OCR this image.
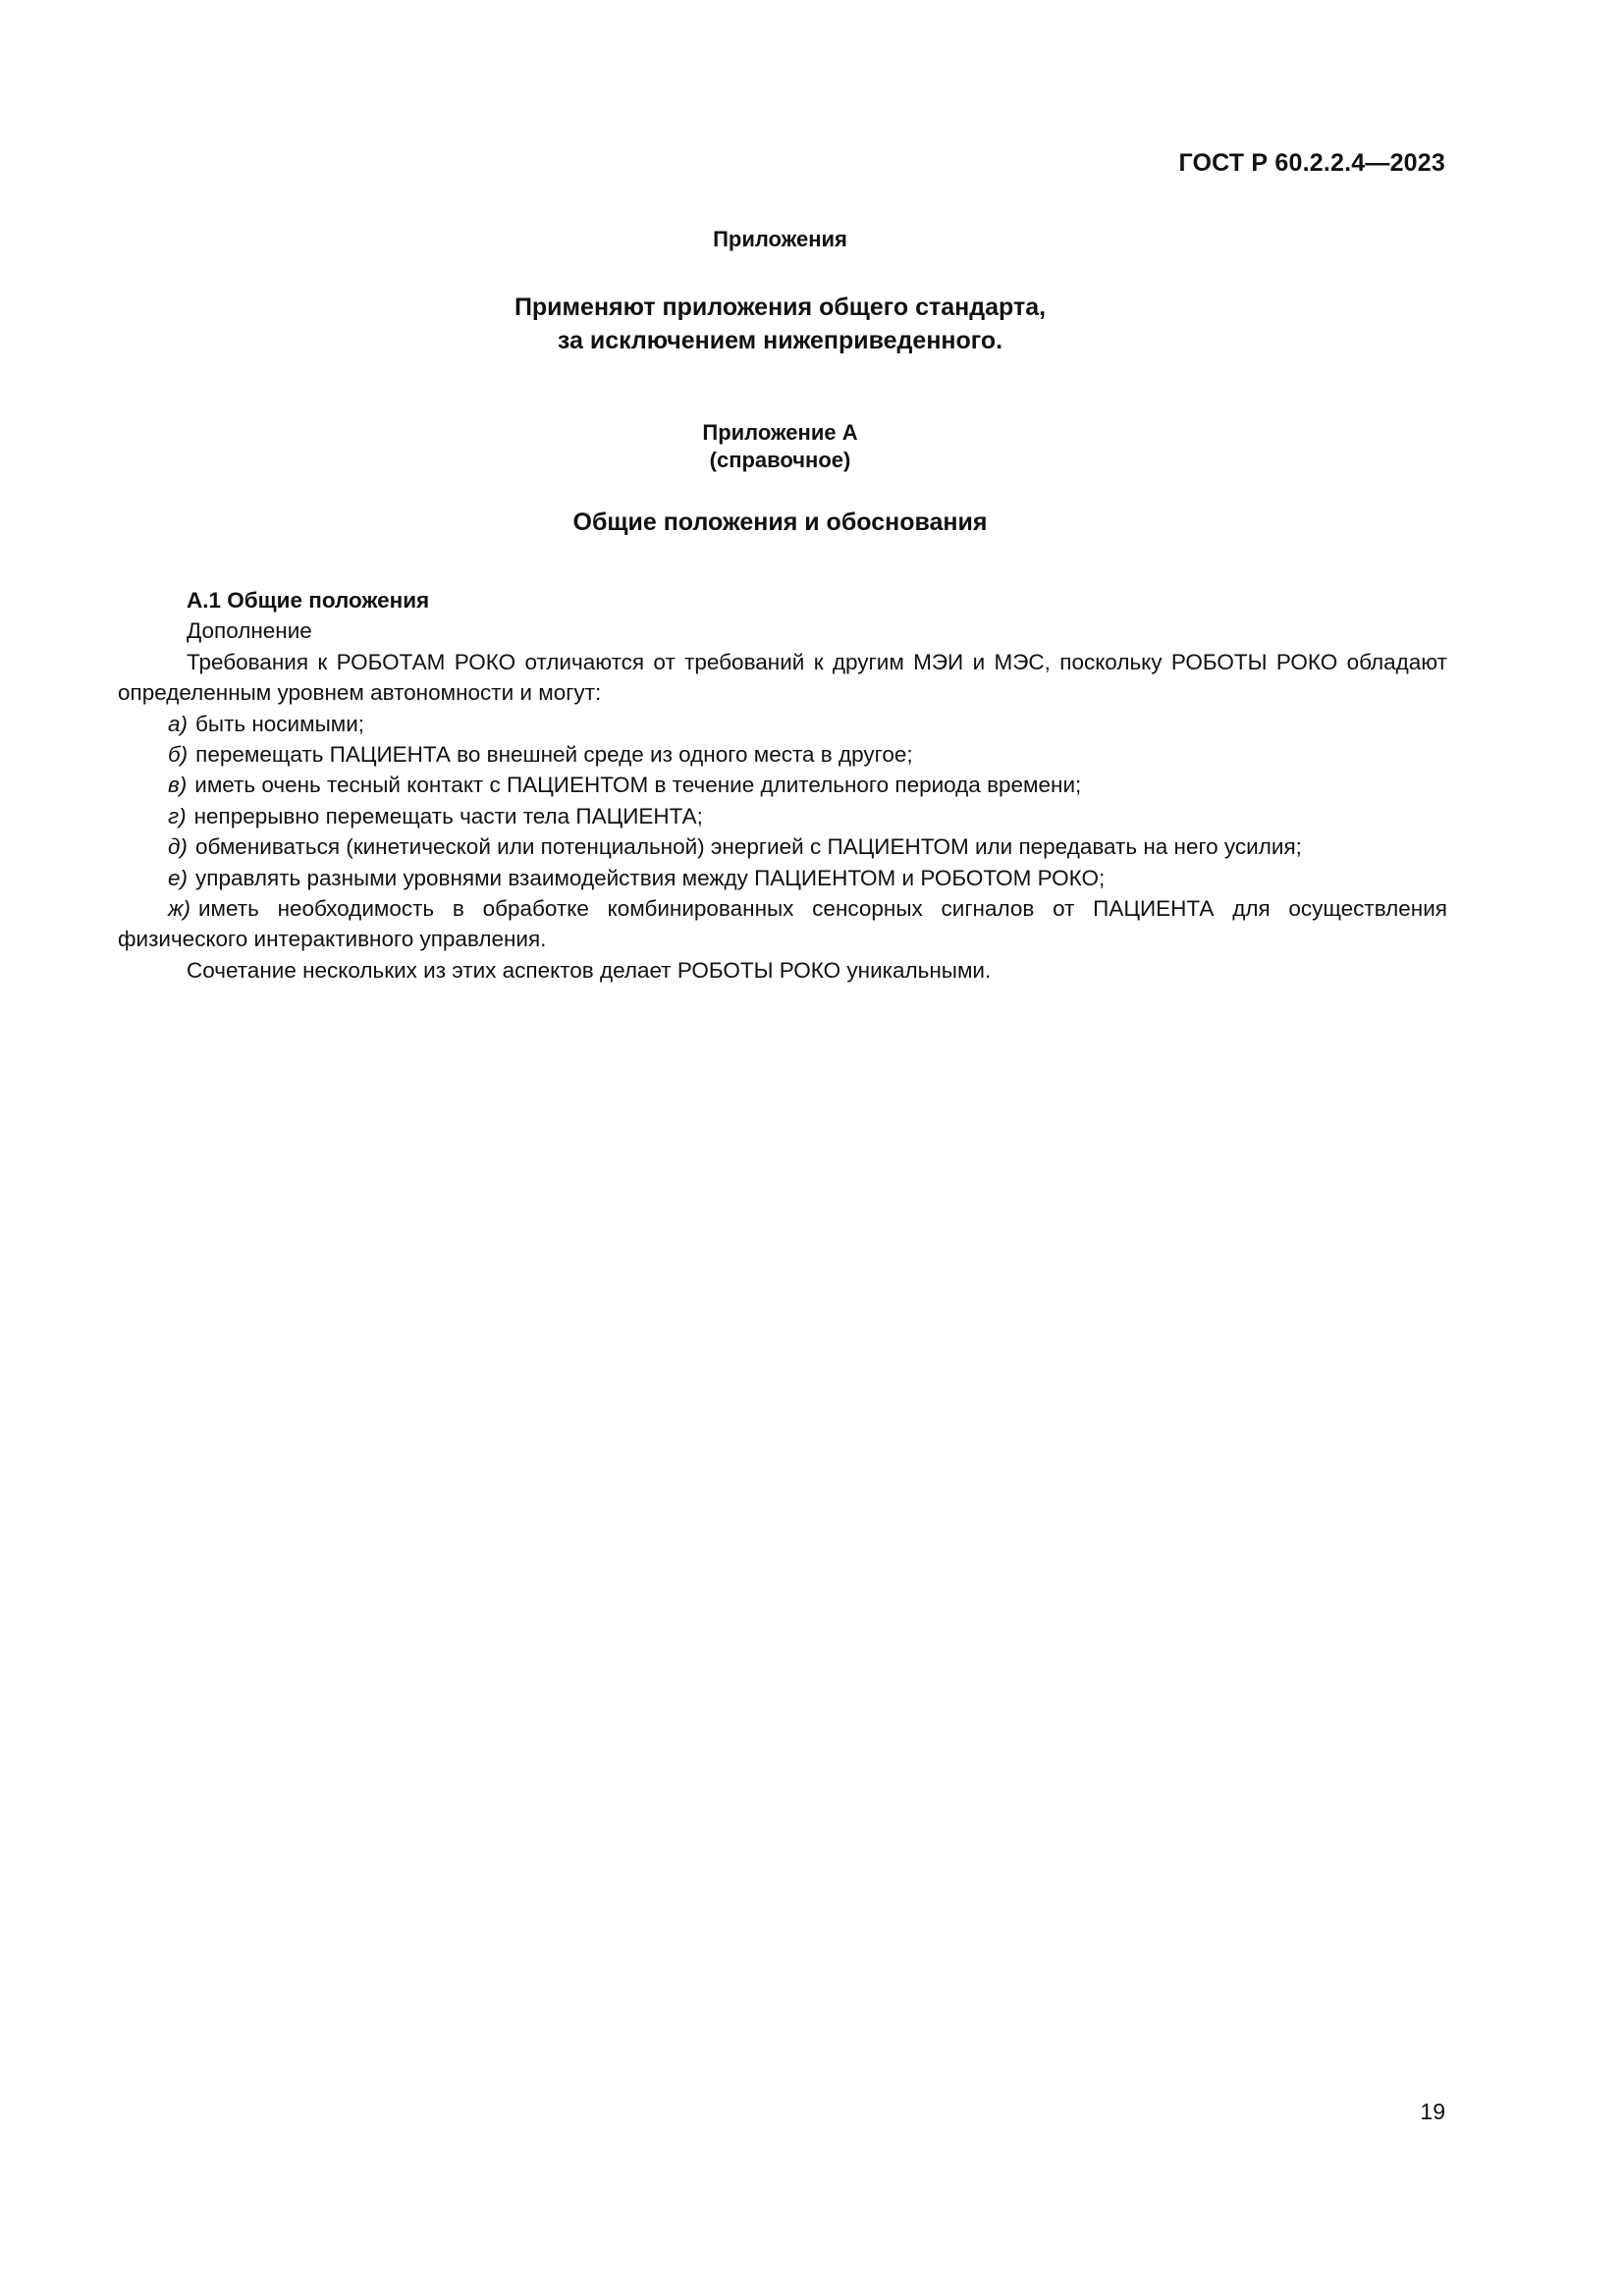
ГОСТ Р 60.2.2.4—2023
Приложения
Применяют приложения общего стандарта,
за исключением нижеприведенного.
Приложение А
(справочное)
Общие положения и обоснования

А.1 Общие положения

Дополнение

Требования к РОБОТАМ РОКО отличаются от требований к другим МЭИ и МЭС, поскольку РОБОТЫ РОКО обладают определенным уровнем автономности и могут:

а) быть носимыми;

б) перемещать ПАЦИЕНТА во внешней среде из одного места в другое;

в) иметь очень тесный контакт с ПАЦИЕНТОМ в течение длительного периода времени;

г) непрерывно перемещать части тела ПАЦИЕНТА;

д) обмениваться (кинетической или потенциальной) энергией с ПАЦИЕНТОМ или передавать на него усилия;

е) управлять разными уровнями взаимодействия между ПАЦИЕНТОМ и РОБОТОМ РОКО;

ж) иметь необходимость в обработке комбинированных сенсорных сигналов от ПАЦИЕНТА для осуществления физического интерактивного управления.

Сочетание нескольких из этих аспектов делает РОБОТЫ РОКО уникальными.

19
